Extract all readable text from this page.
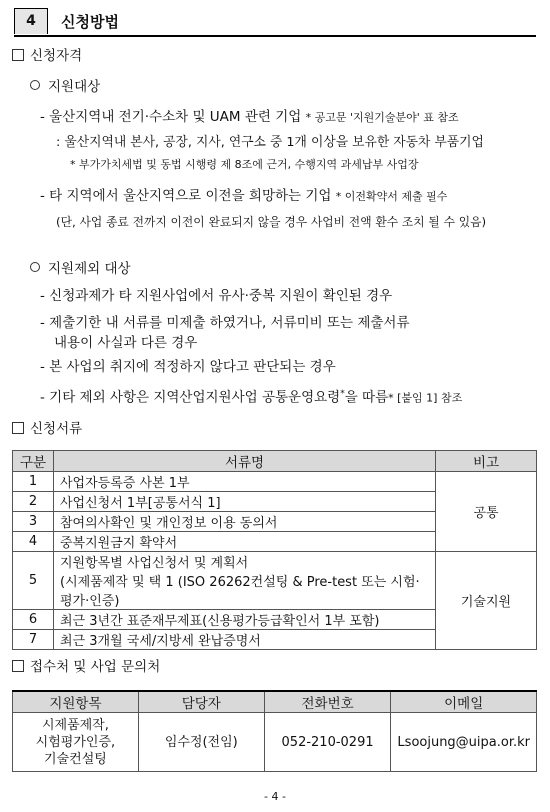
4	신청방법
신청자격
지원대상
- 울산지역내 전기·수소차 및 UAM 관련 기업 * 공고문 '지원기술분야' 표 참조
: 울산지역내 본사, 공장, 지사, 연구소 중 1개 이상을 보유한 자동차 부품기업
* 부가가치세법 및 동법 시행령 제 8조에 근거, 수행지역 과세납부 사업장
- 타 지역에서 울산지역으로 이전을 희망하는 기업 * 이전확약서 제출 필수
(단, 사업 종료 전까지 이전이 완료되지 않을 경우 사업비 전액 환수 조치 될 수 있음)
지원제외 대상
- 신청과제가 타 지원사업에서 유사·중복 지원이 확인된 경우
- 제출기한 내 서류를 미제출 하였거나, 서류미비 또는 제출서류
내용이 사실과 다른 경우
- 본 사업의 취지에 적정하지 않다고 판단되는 경우
- 기타 제외 사항은 지역산업지원사업 공통운영요령*을 따름* [붙임 1] 참조
신청서류
구분	서류명	비고
1	사업자등록증 사본 1부	공통
2	사업신청서 1부[공통서식 1]	
3	참여의사확인 및 개인정보 이용 동의서	
4	중복지원금지 확약서	
5	지원항목별 사업신청서 및 계획서
(시제품제작 및 택 1 (ISO 26262컨설팅 & Pre-test 또는 시험·평가·인증)	기술지원
6	최근 3년간 표준재무제표(신용평가등급확인서 1부 포함)	
7	최근 3개월 국세/지방세 완납증명서	
접수처 및 사업 문의처
지원항목	담당자	전화번호	이메일

시제품제작,
시험평가인증,
기술컨설팅	임수정(전임)	052-210-0291	Lsoojung@uipa.or.kr
- 4 -
